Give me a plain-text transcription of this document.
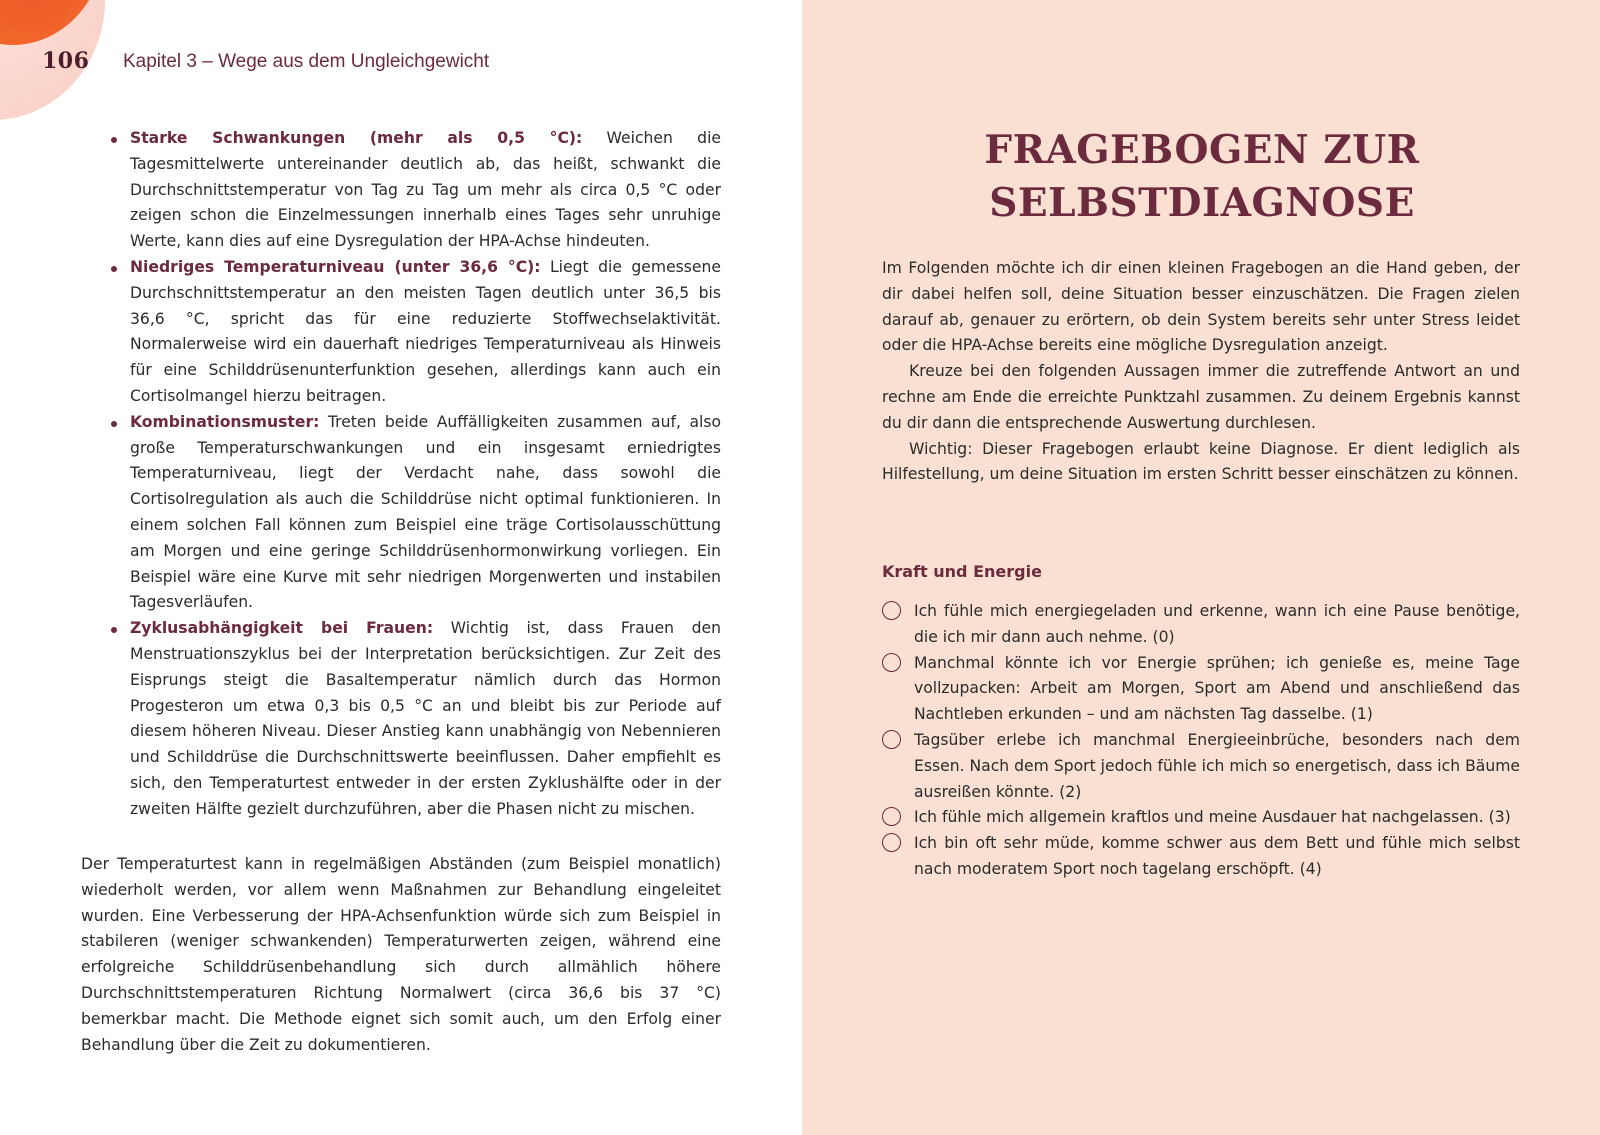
106 Kapitel 3 – Wege aus dem Ungleichgewicht
Starke Schwankungen (mehr als 0,5 °C): Weichen die Tagesmittelwerte untereinander deutlich ab, das heißt, schwankt die Durchschnittstemperatur von Tag zu Tag um mehr als circa 0,5 °C oder zeigen schon die Einzelmessungen innerhalb eines Tages sehr unruhige Werte, kann dies auf eine Dysregulation der HPA-Achse hindeuten.
Niedriges Temperaturniveau (unter 36,6 °C): Liegt die gemessene Durchschnittstemperatur an den meisten Tagen deutlich unter 36,5 bis 36,6 °C, spricht das für eine reduzierte Stoffwechselaktivität. Normalerweise wird ein dauerhaft niedriges Temperaturniveau als Hinweis für eine Schilddrüsenunterfunktion gesehen, allerdings kann auch ein Cortisolmangel hierzu beitragen.
Kombinationsmuster: Treten beide Auffälligkeiten zusammen auf, also große Temperaturschwankungen und ein insgesamt erniedrigtes Temperaturniveau, liegt der Verdacht nahe, dass sowohl die Cortisolregulation als auch die Schilddrüse nicht optimal funktionieren. In einem solchen Fall können zum Beispiel eine träge Cortisolausschüttung am Morgen und eine geringe Schilddrüsenhormonwirkung vorliegen. Ein Beispiel wäre eine Kurve mit sehr niedrigen Morgenwerten und instabilen Tagesverläufen.
Zyklusabhängigkeit bei Frauen: Wichtig ist, dass Frauen den Menstruationszyklus bei der Interpretation berücksichtigen. Zur Zeit des Eisprungs steigt die Basaltemperatur nämlich durch das Hormon Progesteron um etwa 0,3 bis 0,5 °C an und bleibt bis zur Periode auf diesem höheren Niveau. Dieser Anstieg kann unabhängig von Nebennieren und Schilddrüse die Durchschnittswerte beeinflussen. Daher empfiehlt es sich, den Temperaturtest entweder in der ersten Zyklushälfte oder in der zweiten Hälfte gezielt durchzuführen, aber die Phasen nicht zu mischen.

Der Temperaturtest kann in regelmäßigen Abständen (zum Beispiel monatlich) wiederholt werden, vor allem wenn Maßnahmen zur Behandlung eingeleitet wurden. Eine Verbesserung der HPA-Achsenfunktion würde sich zum Beispiel in stabileren (weniger schwankenden) Temperaturwerten zeigen, während eine erfolgreiche Schilddrüsenbehandlung sich durch allmählich höhere Durchschnittstemperaturen Richtung Normalwert (circa 36,6 bis 37 °C) bemerkbar macht. Die Methode eignet sich somit auch, um den Erfolg einer Behandlung über die Zeit zu dokumentieren.

FRAGEBOGEN ZUR
SELBSTDIAGNOSE

Im Folgenden möchte ich dir einen kleinen Fragebogen an die Hand geben, der dir dabei helfen soll, deine Situation besser einzuschätzen. Die Fragen zielen darauf ab, genauer zu erörtern, ob dein System bereits sehr unter Stress leidet oder die HPA-Achse bereits eine mögliche Dysregulation anzeigt.

Kreuze bei den folgenden Aussagen immer die zutreffende Antwort an und rechne am Ende die erreichte Punktzahl zusammen. Zu deinem Ergebnis kannst du dir dann die entsprechende Auswertung durchlesen.

Wichtig: Dieser Fragebogen erlaubt keine Diagnose. Er dient lediglich als Hilfestellung, um deine Situation im ersten Schritt besser einschätzen zu können.

Kraft und Energie
Ich fühle mich energiegeladen und erkenne, wann ich eine Pause benötige, die ich mir dann auch nehme. (0)
Manchmal könnte ich vor Energie sprühen; ich genieße es, meine Tage vollzupacken: Arbeit am Morgen, Sport am Abend und anschließend das Nachtleben erkunden – und am nächsten Tag dasselbe. (1)
Tagsüber erlebe ich manchmal Energieeinbrüche, besonders nach dem Essen. Nach dem Sport jedoch fühle ich mich so energetisch, dass ich Bäume ausreißen könnte. (2)
Ich fühle mich allgemein kraftlos und meine Ausdauer hat nachgelassen. (3)
Ich bin oft sehr müde, komme schwer aus dem Bett und fühle mich selbst nach moderatem Sport noch tagelang erschöpft. (4)
